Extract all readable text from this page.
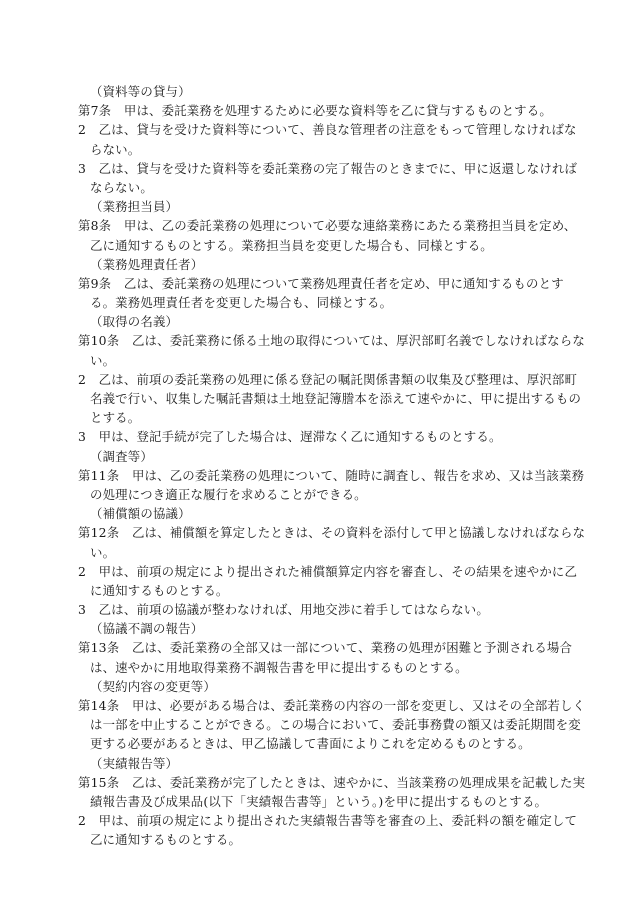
（資料等の貸与）
第7条　甲は、委託業務を処理するために必要な資料等を乙に貸与するものとする。
2　乙は、貸与を受けた資料等について、善良な管理者の注意をもって管理しなければな
らない。
3　乙は、貸与を受けた資料等を委託業務の完了報告のときまでに、甲に返還しなければ
ならない。
（業務担当員）
第8条　甲は、乙の委託業務の処理について必要な連絡業務にあたる業務担当員を定め、
乙に通知するものとする。業務担当員を変更した場合も、同様とする。
（業務処理責任者）
第9条　乙は、委託業務の処理について業務処理責任者を定め、甲に通知するものとす
る。業務処理責任者を変更した場合も、同様とする。
（取得の名義）
第10条　乙は、委託業務に係る土地の取得については、厚沢部町名義でしなければならな
い。
2　乙は、前項の委託業務の処理に係る登記の嘱託関係書類の収集及び整理は、厚沢部町
名義で行い、収集した嘱託書類は土地登記簿謄本を添えて速やかに、甲に提出するもの
とする。
3　甲は、登記手続が完了した場合は、遅滞なく乙に通知するものとする。
（調査等）
第11条　甲は、乙の委託業務の処理について、随時に調査し、報告を求め、又は当該業務
の処理につき適正な履行を求めることができる。
（補償額の協議）
第12条　乙は、補償額を算定したときは、その資料を添付して甲と協議しなければならな
い。
2　甲は、前項の規定により提出された補償額算定内容を審査し、その結果を速やかに乙
に通知するものとする。
3　乙は、前項の協議が整わなければ、用地交渉に着手してはならない。
（協議不調の報告）
第13条　乙は、委託業務の全部又は一部について、業務の処理が困難と予測される場合
は、速やかに用地取得業務不調報告書を甲に提出するものとする。
（契約内容の変更等）
第14条　甲は、必要がある場合は、委託業務の内容の一部を変更し、又はその全部若しく
は一部を中止することができる。この場合において、委託事務費の額又は委託期間を変
更する必要があるときは、甲乙協議して書面によりこれを定めるものとする。
（実績報告等）
第15条　乙は、委託業務が完了したときは、速やかに、当該業務の処理成果を記載した実
績報告書及び成果品(以下「実績報告書等」という。)を甲に提出するものとする。
2　甲は、前項の規定により提出された実績報告書等を審査の上、委託料の額を確定して
乙に通知するものとする。
